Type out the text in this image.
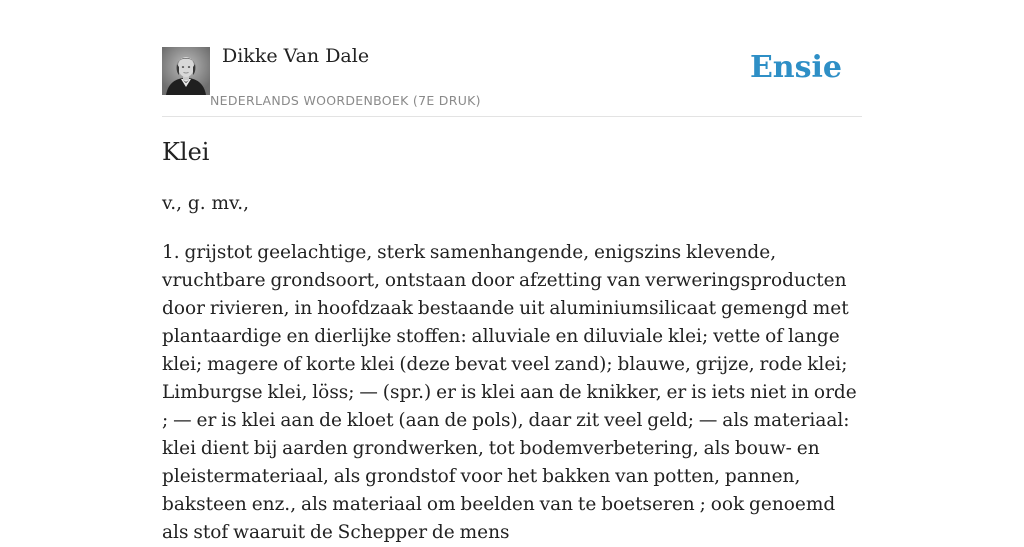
Dikke Van Dale
NEDERLANDS WOORDENBOEK (7E DRUK)
Ensie
Klei

v., g. mv.,

1. grijstot geelachtige, sterk samenhangende, enigszins klevende, vruchtbare grondsoort, ontstaan door afzetting van verweringsproducten door rivieren, in hoofdzaak bestaande uit aluminiumsilicaat gemengd met plantaardige en dierlijke stoffen: alluviale en diluviale klei; vette of lange klei; magere of korte klei (deze bevat veel zand); blauwe, grijze, rode klei; Limburgse klei, löss; — (spr.) er is klei aan de knikker, er is iets niet in orde ; — er is klei aan de kloet (aan de pols), daar zit veel geld; — als materiaal: klei dient bij aarden grondwerken, tot bodemverbetering, als bouw- en pleistermateriaal, als grondstof voor het bakken van potten, pannen, baksteen enz., als materiaal om beelden van te boetseren ; ook genoemd als stof waaruit de Schepper de mens
